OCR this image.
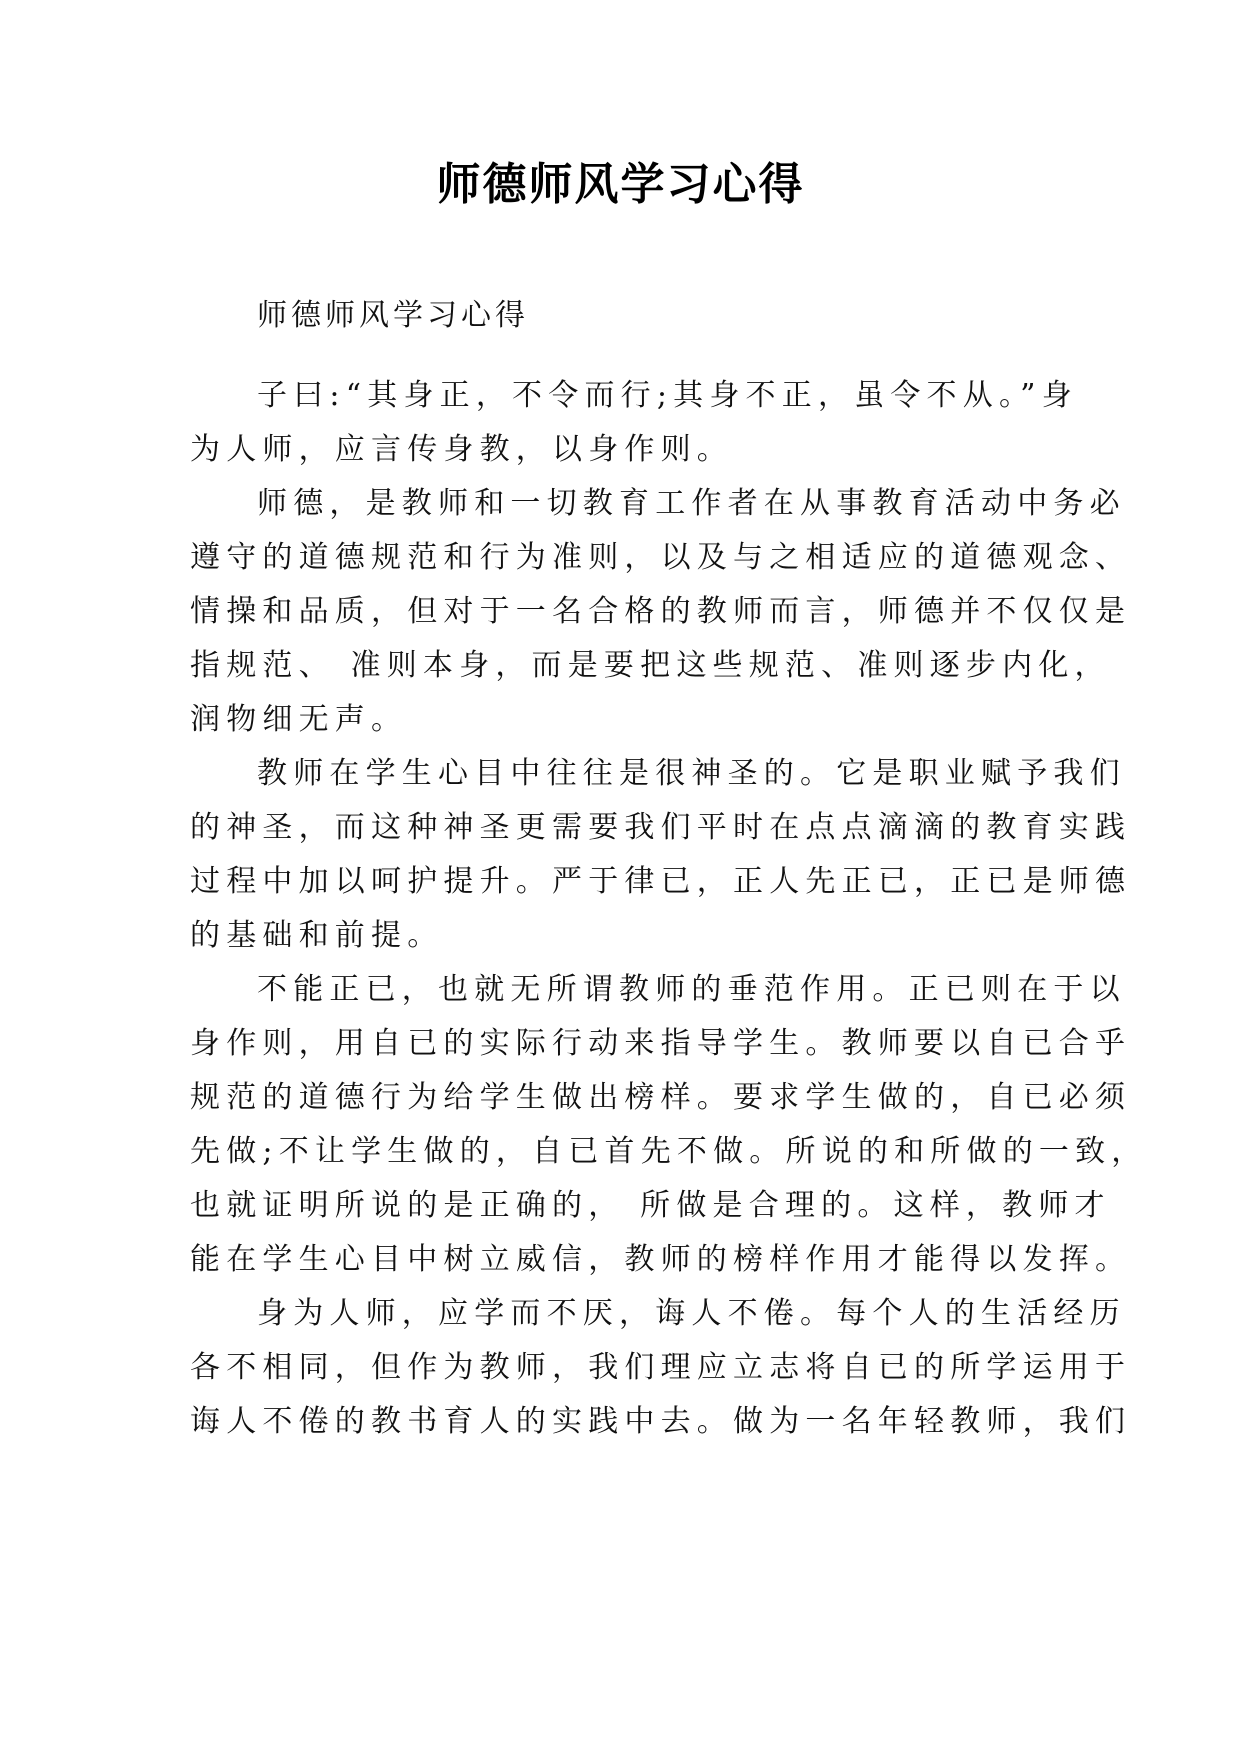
师德师风学习心得
师德师风学习心得
子曰:“其身正，不令而行;其身不正，虽令不从。”身
为人师，应言传身教，以身作则。
师德，是教师和一切教育工作者在从事教育活动中务必
遵守的道德规范和行为准则，以及与之相适应的道德观念、
情操和品质，但对于一名合格的教师而言，师德并不仅仅是
指规范、 准则本身，而是要把这些规范、准则逐步内化，
润物细无声。
教师在学生心目中往往是很神圣的。它是职业赋予我们
的神圣，而这种神圣更需要我们平时在点点滴滴的教育实践
过程中加以呵护提升。严于律已，正人先正已，正已是师德
的基础和前提。
不能正已，也就无所谓教师的垂范作用。正已则在于以
身作则，用自已的实际行动来指导学生。教师要以自已合乎
规范的道德行为给学生做出榜样。要求学生做的，自已必须
先做;不让学生做的，自已首先不做。所说的和所做的一致，
也就证明所说的是正确的， 所做是合理的。这样，教师才
能在学生心目中树立威信，教师的榜样作用才能得以发挥。
身为人师，应学而不厌，诲人不倦。每个人的生活经历
各不相同，但作为教师，我们理应立志将自已的所学运用于
诲人不倦的教书育人的实践中去。做为一名年轻教师，我们
